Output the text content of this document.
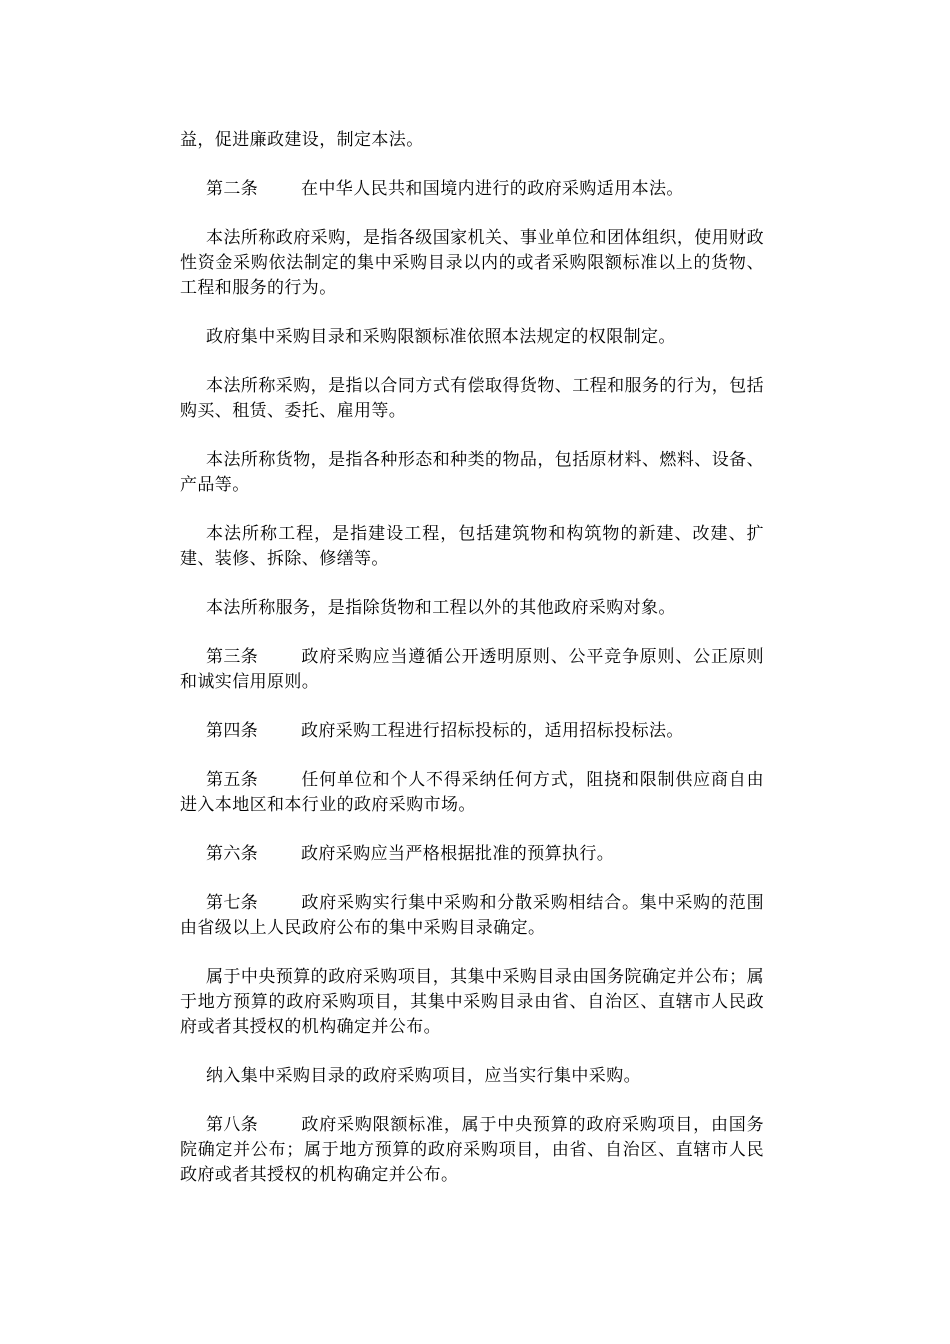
益，促进廉政建设，制定本法。

第二条	在中华人民共和国境内进行的政府采购适用本法。

本法所称政府采购，是指各级国家机关、事业单位和团体组织，使用财政性资金采购依法制定的集中采购目录以内的或者采购限额标准以上的货物、工程和服务的行为。

政府集中采购目录和采购限额标准依照本法规定的权限制定。

本法所称采购，是指以合同方式有偿取得货物、工程和服务的行为，包括购买、租赁、委托、雇用等。

本法所称货物，是指各种形态和种类的物品，包括原材料、燃料、设备、产品等。

本法所称工程，是指建设工程，包括建筑物和构筑物的新建、改建、扩建、装修、拆除、修缮等。

本法所称服务，是指除货物和工程以外的其他政府采购对象。

第三条	政府采购应当遵循公开透明原则、公平竞争原则、公正原则和诚实信用原则。

第四条	政府采购工程进行招标投标的，适用招标投标法。

第五条	任何单位和个人不得采纳任何方式，阻挠和限制供应商自由进入本地区和本行业的政府采购市场。

第六条	政府采购应当严格根据批准的预算执行。

第七条	政府采购实行集中采购和分散采购相结合。集中采购的范围由省级以上人民政府公布的集中采购目录确定。

属于中央预算的政府采购项目，其集中采购目录由国务院确定并公布；属于地方预算的政府采购项目，其集中采购目录由省、自治区、直辖市人民政府或者其授权的机构确定并公布。

纳入集中采购目录的政府采购项目，应当实行集中采购。

第八条	政府采购限额标准，属于中央预算的政府采购项目，由国务院确定并公布；属于地方预算的政府采购项目，由省、自治区、直辖市人民政府或者其授权的机构确定并公布。
